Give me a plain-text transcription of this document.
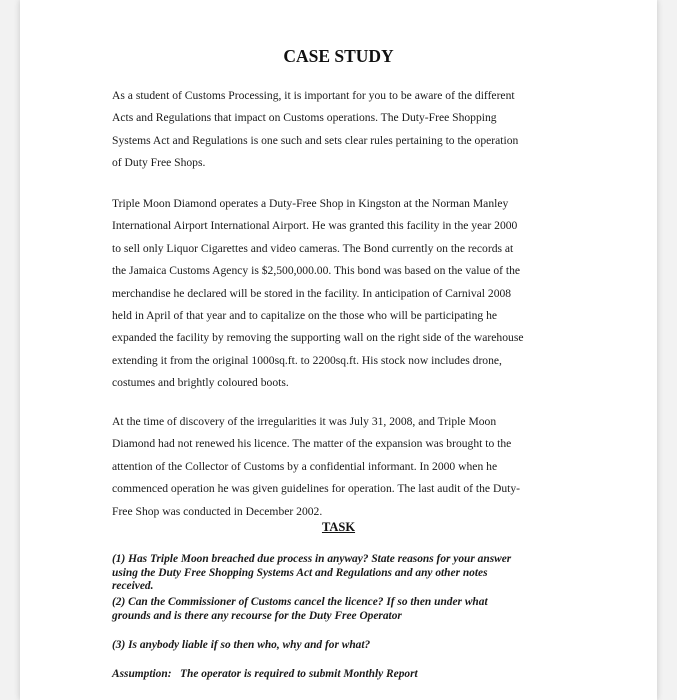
CASE STUDY

As a student of Customs Processing, it is important for you to be aware of the different
Acts and Regulations that impact on Customs operations. The Duty-Free Shopping
Systems Act and Regulations is one such and sets clear rules pertaining to the operation
of Duty Free Shops.

Triple Moon Diamond operates a Duty-Free Shop in Kingston at the Norman Manley
International Airport International Airport. He was granted this facility in the year 2000
to sell only Liquor Cigarettes and video cameras. The Bond currently on the records at
the Jamaica Customs Agency is $2,500,000.00. This bond was based on the value of the
merchandise he declared will be stored in the facility. In anticipation of Carnival 2008
held in April of that year and to capitalize on the those who will be participating he
expanded the facility by removing the supporting wall on the right side of the warehouse
extending it from the original 1000sq.ft. to 2200sq.ft. His stock now includes drone,
costumes and brightly coloured boots.

At the time of discovery of the irregularities it was July 31, 2008, and Triple Moon
Diamond had not renewed his licence. The matter of the expansion was brought to the
attention of the Collector of Customs by a confidential informant. In 2000 when he
commenced operation he was given guidelines for operation. The last audit of the Duty-
Free Shop was conducted in December 2002.

TASK

(1) Has Triple Moon breached due process in anyway? State reasons for your answer
using the Duty Free Shopping Systems Act and Regulations and any other notes
received.

(2) Can the Commissioner of Customs cancel the licence? If so then under what
grounds and is there any recourse for the Duty Free Operator

(3) Is anybody liable if so then who, why and for what?

Assumption:   The operator is required to submit Monthly Report
